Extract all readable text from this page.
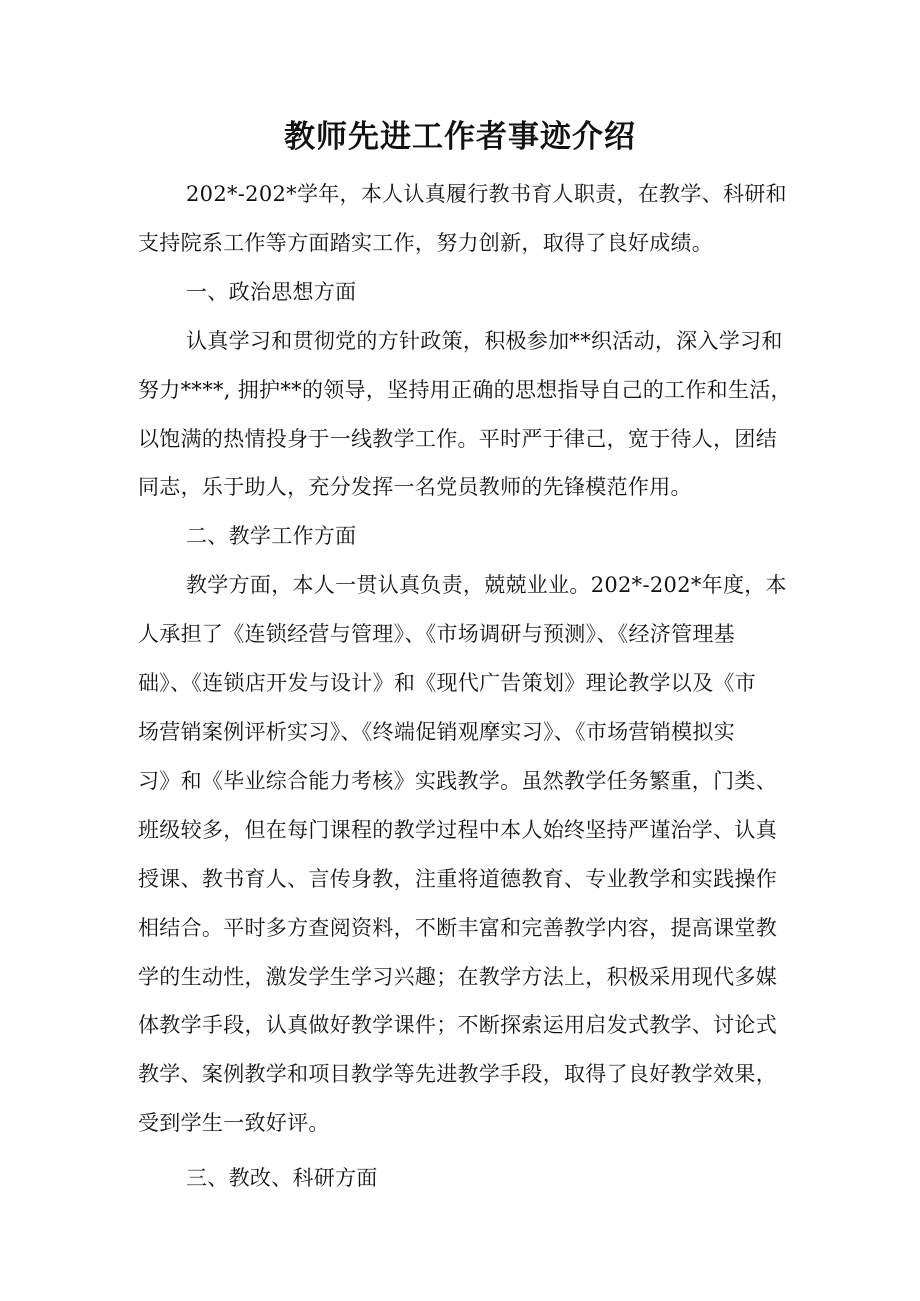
教师先进工作者事迹介绍
202*-202*学年，本人认真履行教书育人职责，在教学、科研和
支持院系工作等方面踏实工作，努力创新，取得了良好成绩。
一、政治思想方面
认真学习和贯彻党的方针政策，积极参加**织活动，深入学习和
努力****, 拥护**的领导，坚持用正确的思想指导自己的工作和生活，
以饱满的热情投身于一线教学工作。平时严于律己，宽于待人，团结
同志，乐于助人，充分发挥一名党员教师的先锋模范作用。
二、教学工作方面
教学方面，本人一贯认真负责，兢兢业业。202*-202*年度，本
人承担了《连锁经营与管理》、《市场调研与预测》、《经济管理基
础》、《连锁店开发与设计》和《现代广告策划》理论教学以及《市
场营销案例评析实习》、《终端促销观摩实习》、《市场营销模拟实
习》和《毕业综合能力考核》实践教学。虽然教学任务繁重，门类、
班级较多，但在每门课程的教学过程中本人始终坚持严谨治学、认真
授课、教书育人、言传身教，注重将道德教育、专业教学和实践操作
相结合。平时多方查阅资料，不断丰富和完善教学内容，提高课堂教
学的生动性，激发学生学习兴趣；在教学方法上，积极采用现代多媒
体教学手段，认真做好教学课件；不断探索运用启发式教学、讨论式
教学、案例教学和项目教学等先进教学手段，取得了良好教学效果，
受到学生一致好评。
三、教改、科研方面
